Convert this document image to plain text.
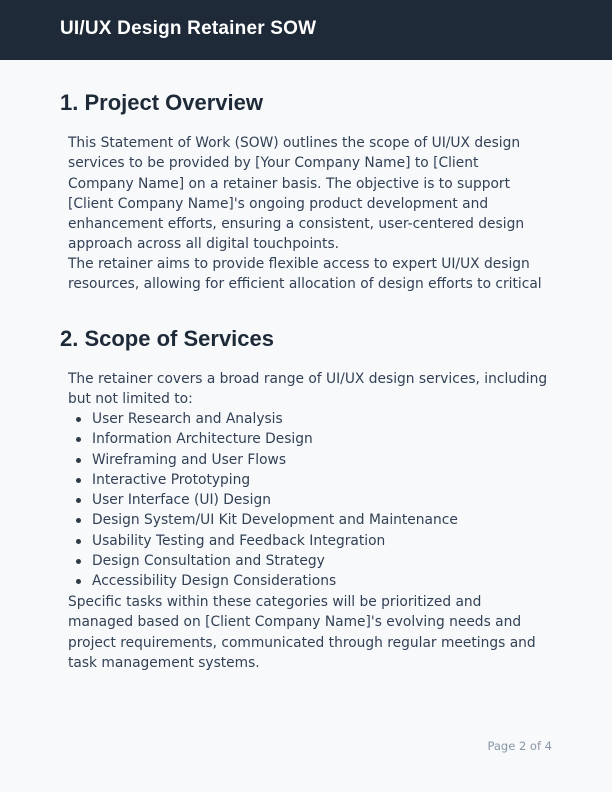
UI/UX Design Retainer SOW
1. Project Overview

This Statement of Work (SOW) outlines the scope of UI/UX design services to be provided by [Your Company Name] to [Client Company Name] on a retainer basis. The objective is to support [Client Company Name]'s ongoing product development and enhancement efforts, ensuring a consistent, user-centered design approach across all digital touchpoints.

The retainer aims to provide flexible access to expert UI/UX design resources, allowing for efficient allocation of design efforts to critical

2. Scope of Services

The retainer covers a broad range of UI/UX design services, including but not limited to:

User Research and Analysis
Information Architecture Design
Wireframing and User Flows
Interactive Prototyping
User Interface (UI) Design
Design System/UI Kit Development and Maintenance
Usability Testing and Feedback Integration
Design Consultation and Strategy
Accessibility Design Considerations

Specific tasks within these categories will be prioritized and managed based on [Client Company Name]'s evolving needs and project requirements, communicated through regular meetings and task management systems.

Page 2 of 4
